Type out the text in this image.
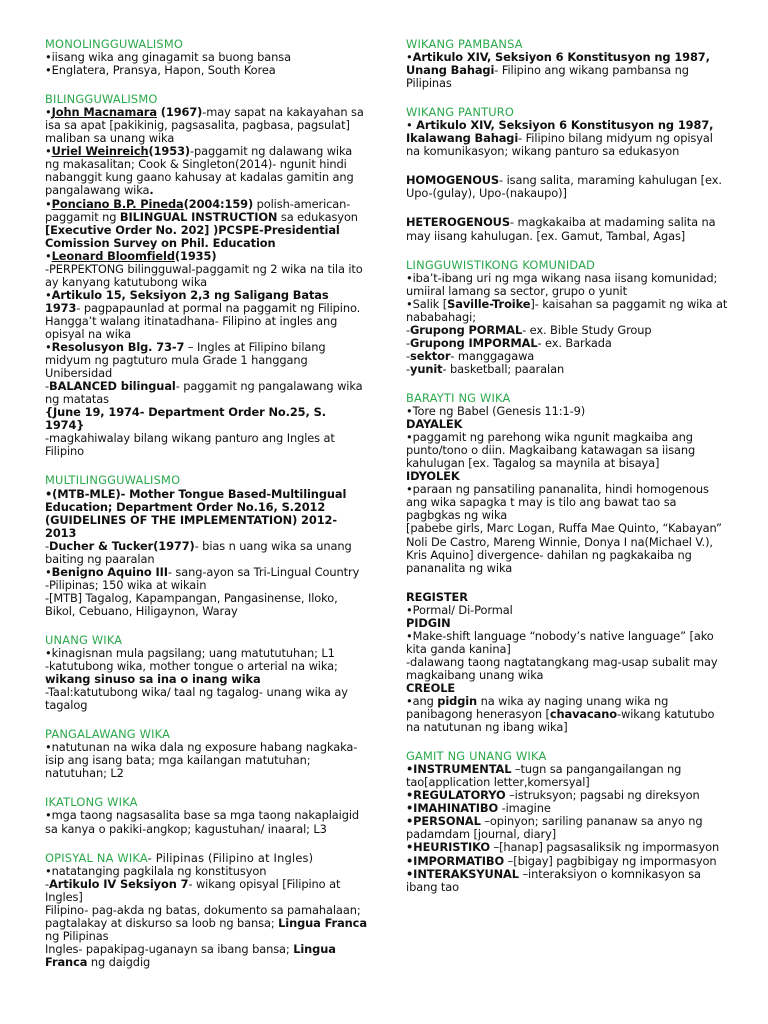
MONOLINGGUWALISMO
•iisang wika ang ginagamit sa buong bansa
•Englatera, Pransya, Hapon, South Korea
BILINGGUWALISMO
•John Macnamara (1967)-may sapat na kakayahan sa isa sa apat [pakikinig, pagsasalita, pagbasa, pagsulat] maliban sa unang wika
•Uriel Weinreich(1953)-paggamit ng dalawang wika ng makasalitan; Cook & Singleton(2014)- ngunit hindi nabanggit kung gaano kahusay at kadalas gamitin ang pangalawang wika.
•Ponciano B.P. Pineda(2004:159) polish-american- paggamit ng BILINGUAL INSTRUCTION sa edukasyon
[Executive Order No. 202] )PCSPE-Presidential Comission Survey on Phil. Education
•Leonard Bloomfield(1935)
-PERPEKTONG bilingguwal-paggamit ng 2 wika na tila ito ay kanyang katutubong wika
•Artikulo 15, Seksiyon 2,3 ng Saligang Batas 1973- pagpapaunlad at pormal na paggamit ng Filipino. Hangga’t walang itinatadhana- Filipino at ingles ang opisyal na wika
•Resolusyon Blg. 73-7 – Ingles at Filipino bilang midyum ng pagtuturo mula Grade 1 hanggang Unibersidad
-BALANCED bilingual- paggamit ng pangalawang wika ng matatas
{June 19, 1974- Department Order No.25, S. 1974}
-magkahiwalay bilang wikang panturo ang Ingles at Filipino
MULTILINGGUWALISMO
•(MTB-MLE)- Mother Tongue Based-Multilingual Education; Department Order No.16, S.2012 (GUIDELINES OF THE IMPLEMENTATION) 2012-2013
-Ducher & Tucker(1977)- bias n uang wika sa unang baiting ng paaralan
•Benigno Aquino III- sang-ayon sa Tri-Lingual Country
-Pilipinas; 150 wika at wikain
-[MTB] Tagalog, Kapampangan, Pangasinense, Iloko, Bikol, Cebuano, Hiligaynon, Waray
UNANG WIKA
•kinagisnan mula pagsilang; uang matututuhan; L1
-katutubong wika, mother tongue o arterial na wika; wikang sinuso sa ina o inang wika
-Taal:katutubong wika/ taal ng tagalog- unang wika ay tagalog
PANGALAWANG WIKA
•natutunan na wika dala ng exposure habang nagkaka-isip ang isang bata; mga kailangan matutuhan; natutuhan; L2
IKATLONG WIKA
•mga taong nagsasalita base sa mga taong nakaplaigid sa kanya o pakiki-angkop; kagustuhan/ inaaral; L3
OPISYAL NA WIKA- Pilipinas (Filipino at Ingles)
•natatanging pagkilala ng konstitusyon
-Artikulo IV Seksiyon 7- wikang opisyal [Filipino at Ingles]
Filipino- pag-akda ng batas, dokumento sa pamahalaan; pagtalakay at diskurso sa loob ng bansa; Lingua Franca ng Pilipinas
Ingles- papakipag-uganayn sa ibang bansa; Lingua Franca ng daigdig
WIKANG PAMBANSA
•Artikulo XIV, Seksiyon 6 Konstitusyon ng 1987, Unang Bahagi- Filipino ang wikang pambansa ng Pilipinas
WIKANG PANTURO
• Artikulo XIV, Seksiyon 6 Konstitusyon ng 1987, Ikalawang Bahagi- Filipino bilang midyum ng opisyal na komunikasyon; wikang panturo sa edukasyon
HOMOGENOUS- isang salita, maraming kahulugan [ex. Upo-(gulay), Upo-(nakaupo)]
HETEROGENOUS- magkakaiba at madaming salita na may iisang kahulugan. [ex. Gamut, Tambal, Agas]
LINGGUWISTIKONG KOMUNIDAD
•iba’t-ibang uri ng mga wikang nasa iisang komunidad; umiiral lamang sa sector, grupo o yunit
•Salik [Saville-Troike]- kaisahan sa paggamit ng wika at nababahagi;
-Grupong PORMAL- ex. Bible Study Group
-Grupong IMPORMAL- ex. Barkada
-sektor- manggagawa
-yunit- basketball; paaralan
BARAYTI NG WIKA
•Tore ng Babel (Genesis 11:1-9)
DAYALEK
•paggamit ng parehong wika ngunit magkaiba ang punto/tono o diin. Magkaibang katawagan sa iisang kahulugan [ex. Tagalog sa maynila at bisaya]
IDYOLEK
•paraan ng pansatiling pananalita, hindi homogenous ang wika sapagka t may is tilo ang bawat tao sa pagbgkas ng wika
[pabebe girls, Marc Logan, Ruffa Mae Quinto, “Kabayan” Noli De Castro, Mareng Winnie, Donya I na(Michael V.), Kris Aquino] divergence- dahilan ng pagkakaiba ng pananalita ng wika
REGISTER
•Pormal/ Di-Pormal
PIDGIN
•Make-shift language “nobody’s native language” [ako kita ganda kanina]
-dalawang taong nagtatangkang mag-usap subalit may magkaibang unang wika
CREOLE
•ang pidgin na wika ay naging unang wika ng panibagong henerasyon [chavacano-wikang katutubo na natutunan ng ibang wika]
GAMIT NG UNANG WIKA
•INSTRUMENTAL –tugn sa pangangailangan ng tao[application letter,komersyal]
•REGULATORYO –istruksyon; pagsabi ng direksyon
•IMAHINATIBO -imagine
•PERSONAL –opinyon; sariling pananaw sa anyo ng padamdam [journal, diary]
•HEURISTIKO –[hanap] pagsasaliksik ng impormasyon
•IMPORMATIBO –[bigay] pagbibigay ng impormasyon
•INTERAKSYUNAL –interaksiyon o komnikasyon sa ibang tao
